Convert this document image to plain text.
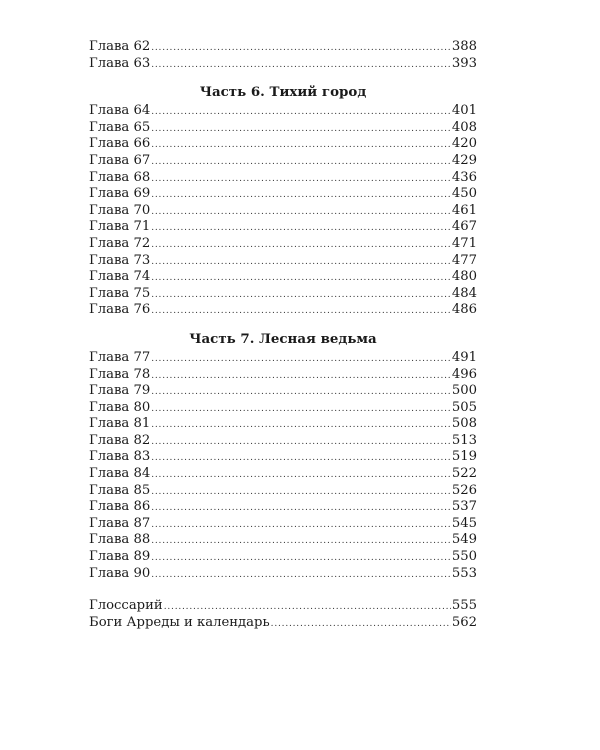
Глава 62 .....	388
Глава 63 .....	393
Часть 6. Тихий город
Глава 64 .....	401
Глава 65 .....	408
Глава 66 .....	420
Глава 67 .....	429
Глава 68 .....	436
Глава 69 .....	450
Глава 70 .....	461
Глава 71 .....	467
Глава 72 .....	471
Глава 73 .....	477
Глава 74 .....	480
Глава 75 .....	484
Глава 76 .....	486
Часть 7. Лесная ведьма
Глава 77 .....	491
Глава 78 .....	496
Глава 79 .....	500
Глава 80 .....	505
Глава 81 .....	508
Глава 82 .....	513
Глава 83 .....	519
Глава 84 .....	522
Глава 85 .....	526
Глава 86 .....	537
Глава 87 .....	545
Глава 88 .....	549
Глава 89 .....	550
Глава 90 .....	553
Глоссарий .....	555
Боги Арреды и календарь .....	562
